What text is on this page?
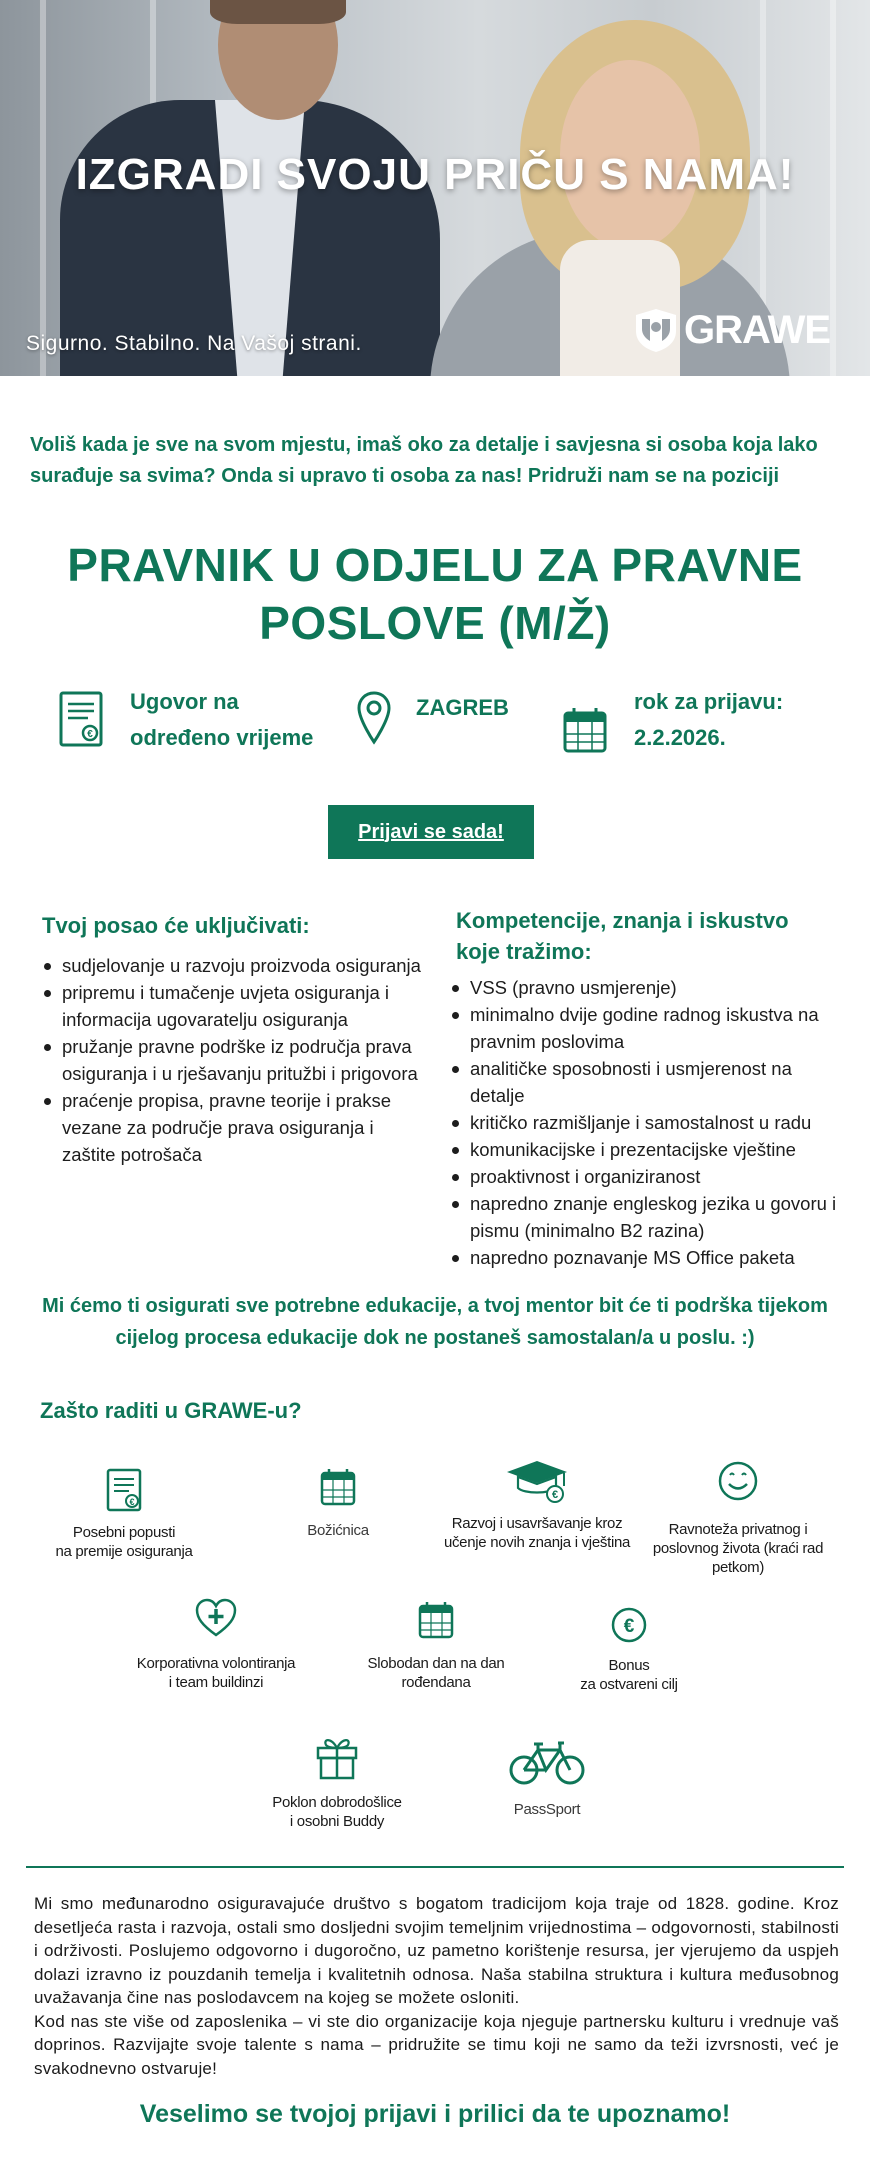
IZGRADI SVOJU PRIČU S NAMA!
Sigurno. Stabilno. Na Vašoj strani.	GRAWE
Voliš kada je sve na svom mjestu, imaš oko za detalje i savjesna si osoba koja lako surađuje sa svima? Onda si upravo ti osoba za nas! Pridruži nam se na poziciji
PRAVNIK U ODJELU ZA PRAVNE POSLOVE (M/Ž)
€
Ugovor na
određeno vrijeme
ZAGREB	rok za prijavu:
2.2.2026.
Prijavi se sada!
Tvoj posao će uključivati:
sudjelovanje u razvoju proizvoda osiguranja
pripremu i tumačenje uvjeta osiguranja i informacija ugovaratelju osiguranja
pružanje pravne podrške iz područja prava osiguranja i u rješavanju pritužbi i prigovora
praćenje propisa, pravne teorije i prakse vezane za područje prava osiguranja i zaštite potrošača
Kompetencije, znanja i iskustvo koje tražimo:
VSS (pravno usmjerenje)
minimalno dvije godine radnog iskustva na pravnim poslovima
analitičke sposobnosti i usmjerenost na detalje
kritičko razmišljanje i samostalnost u radu
komunikacijske i prezentacijske vještine
proaktivnost i organiziranost
napredno znanje engleskog jezika u govoru i pismu (minimalno B2 razina)
napredno poznavanje MS Office paketa
Mi ćemo ti osigurati sve potrebne edukacije, a tvoj mentor bit će ti podrška tijekom cijelog procesa edukacije dok ne postaneš samostalan/a u poslu. :)
Zašto raditi u GRAWE-u?
€
Posebni popusti
na premije osiguranja
Božićnica
€
Razvoj i usavršavanje kroz učenje novih znanja i vještina
Ravnoteža privatnog i poslovnog života (kraći rad petkom)
Korporativna volontiranja
i team buildinzi
Slobodan dan na dan rođendana
€
Bonus
za ostvareni cilj
Poklon dobrodošlice
i osobni Buddy
PassSport

Mi smo međunarodno osiguravajuće društvo s bogatom tradicijom koja traje od 1828. godine. Kroz desetljeća rasta i razvoja, ostali smo dosljedni svojim temeljnim vrijednostima – odgovornosti, stabilnosti i održivosti. Poslujemo odgovorno i dugoročno, uz pametno korištenje resursa, jer vjerujemo da uspjeh dolazi izravno iz pouzdanih temelja i kvalitetnih odnosa. Naša stabilna struktura i kultura međusobnog uvažavanja čine nas poslodavcem na kojeg se možete osloniti.

Kod nas ste više od zaposlenika – vi ste dio organizacije koja njeguje partnersku kulturu i vrednuje vaš doprinos. Razvijajte svoje talente s nama – pridružite se timu koji ne samo da teži izvrsnosti, već je svakodnevno ostvaruje!

Veselimo se tvojoj prijavi i prilici da te upoznamo!
